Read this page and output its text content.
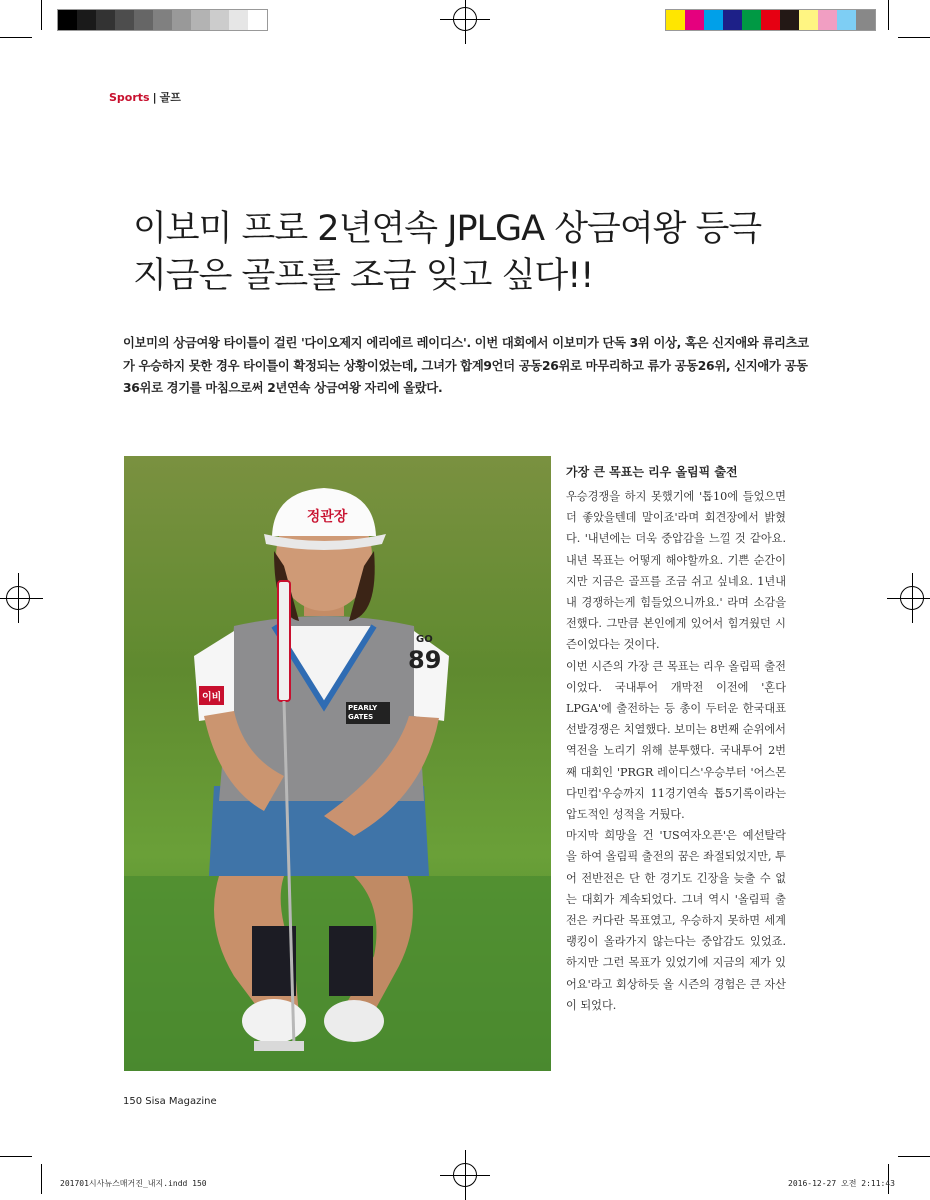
Sports | 골프
이보미 프로 2년연속 JPLGA 상금여왕 등극
지금은 골프를 조금 잊고 싶다!!
이보미의 상금여왕 타이틀이 걸린 '다이오제지 에리에르 레이디스'. 이번 대회에서 이보미가 단독 3위 이상, 혹은 신지애와 류리츠코가 우승하지 못한 경우 타이틀이 확정되는 상황이었는데, 그녀가 합계9언더 공동26위로 마무리하고 류가 공동26위, 신지애가 공동36위로 경기를 마침으로써 2년연속 상금여왕 자리에 올랐다.
정관장
GO
89
PEARLY GATES
이비
가장 큰 목표는 리우 올림픽 출전

우승경쟁을 하지 못했기에 '톱10에 들었으면 더 좋았을텐데 말이죠'라며 회견장에서 밝혔다. '내년에는 더욱 중압감을 느낄 것 같아요. 내년 목표는 어떻게 해야할까요. 기쁜 순간이지만 지금은 골프를 조금 쉬고 싶네요. 1년내내 경쟁하는게 힘들었으니까요.' 라며 소감을 전했다. 그만큼 본인에게 있어서 힘겨웠던 시즌이었다는 것이다.

이번 시즌의 가장 큰 목표는 리우 올림픽 출전이었다. 국내투어 개막전 이전에 '혼다LPGA'에 출전하는 등 총이 두터운 한국대표 선발경쟁은 치열했다. 보미는 8번째 순위에서 역전을 노리기 위해 분투했다. 국내투어 2번째 대회인 'PRGR 레이디스'우승부터 '어스몬다민컵'우승까지 11경기연속 톱5기록이라는 압도적인 성적을 거뒀다.

마지막 희망을 건 'US여자오픈'은 예선탈락을 하여 올림픽 출전의 꿈은 좌절되었지만, 투어 전반전은 단 한 경기도 긴장을 늦출 수 없는 대회가 계속되었다. 그녀 역시 '올림픽 출전은 커다란 목표였고, 우승하지 못하면 세계랭킹이 올라가지 않는다는 중압감도 있었죠. 하지만 그런 목표가 있었기에 지금의 제가 있어요'라고 회상하듯 올 시즌의 경험은 큰 자산이 되었다.

150 Sisa Magazine
201701시사뉴스매거진_내지.indd 150	2016-12-27 오전 2:11:43
